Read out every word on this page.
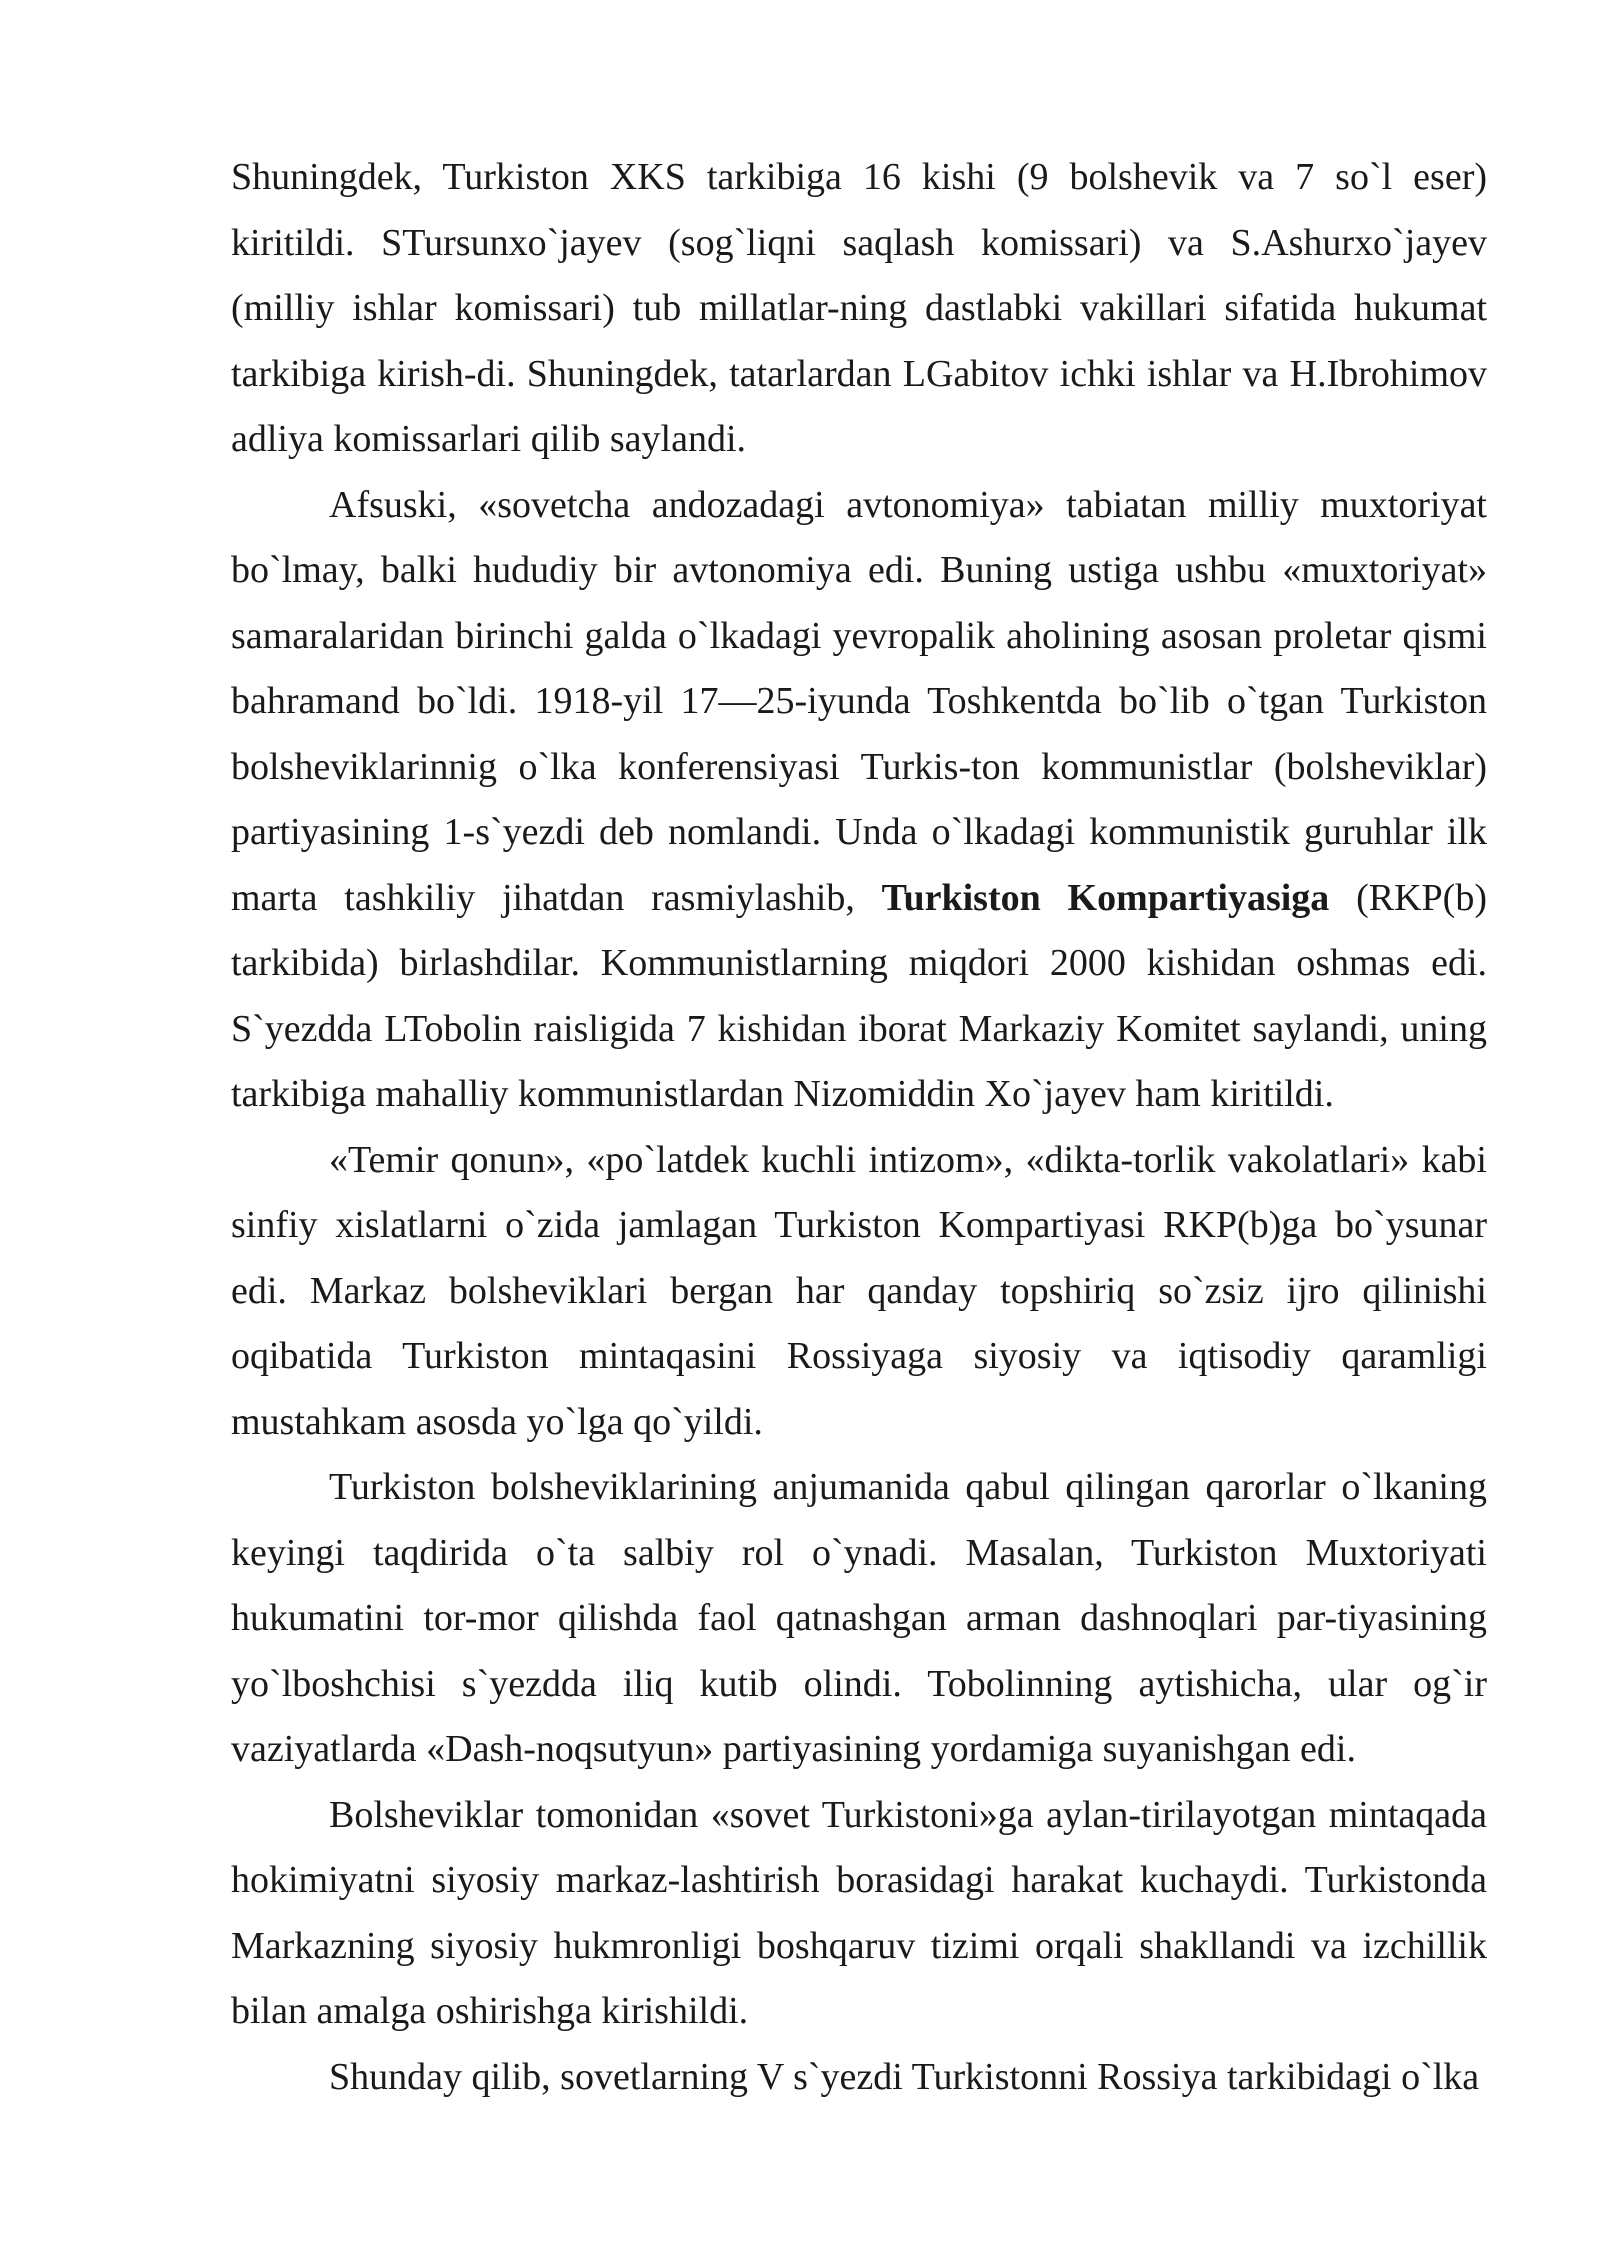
Shuningdek, Turkiston XKS tarkibiga 16 kishi (9 bolshevik va 7 so`l eser) kiritildi. STursunxo`jayev (sog`liqni saqlash komissari) va S.Ashurxo`jayev (milliy ishlar komissari) tub millatlar-ning dastlabki vakillari sifatida hukumat tarkibiga kirish-di. Shuningdek, tatarlardan LGabitov ichki ishlar va H.Ibrohimov adliya komissarlari qilib saylandi.

Afsuski, «sovetcha andozadagi avtonomiya» tabiatan milliy muxtoriyat bo`lmay, balki hududiy bir avtonomiya edi. Buning ustiga ushbu «muxtoriyat» samaralaridan birinchi galda o`lkadagi yevropalik aholining asosan proletar qismi bahramand bo`ldi. 1918-yil 17—25-iyunda Toshkentda bo`lib o`tgan Turkiston bolsheviklarinnig o`lka konferensiyasi Turkis-ton kommunistlar (bolsheviklar) partiyasining 1-s`yezdi deb nomlandi. Unda o`lkadagi kommunistik guruhlar ilk marta tashkiliy jihatdan rasmiylashib, Turkiston Kompartiyasiga (RKP(b) tarkibida) birlashdilar. Kommunistlarning miqdori 2000 kishidan oshmas edi. S`yezdda LTobolin raisligida 7 kishidan iborat Markaziy Komitet saylandi, uning tarkibiga mahalliy kommunistlardan Nizomiddin Xo`jayev ham kiritildi.

«Temir qonun», «po`latdek kuchli intizom», «dikta-torlik vakolatlari» kabi sinfiy xislatlarni o`zida jamlagan Turkiston Kompartiyasi RKP(b)ga bo`ysunar edi. Markaz bolsheviklari bergan har qanday topshiriq so`zsiz ijro qilinishi oqibatida Turkiston mintaqasini Rossiyaga siyosiy va iqtisodiy qaramligi mustahkam asosda yo`lga qo`yildi.

Turkiston bolsheviklarining anjumanida qabul qilingan qarorlar o`lkaning keyingi taqdirida o`ta salbiy rol o`ynadi. Masalan, Turkiston Muxtoriyati hukumatini tor-mor qilishda faol qatnashgan arman dashnoqlari par-tiyasining yo`lboshchisi s`yezdda iliq kutib olindi. Tobolinning aytishicha, ular og`ir vaziyatlarda «Dash-noqsutyun» partiyasining yordamiga suyanishgan edi.

Bolsheviklar tomonidan «sovet Turkistoni»ga aylan-tirilayotgan mintaqada hokimiyatni siyosiy markaz-lashtirish borasidagi harakat kuchaydi. Turkistonda Markazning siyosiy hukmronligi boshqaruv tizimi orqali shakllandi va izchillik bilan amalga oshirishga kirishildi.

Shunday qilib, sovetlarning V s`yezdi Turkistonni Rossiya tarkibidagi o`lka
